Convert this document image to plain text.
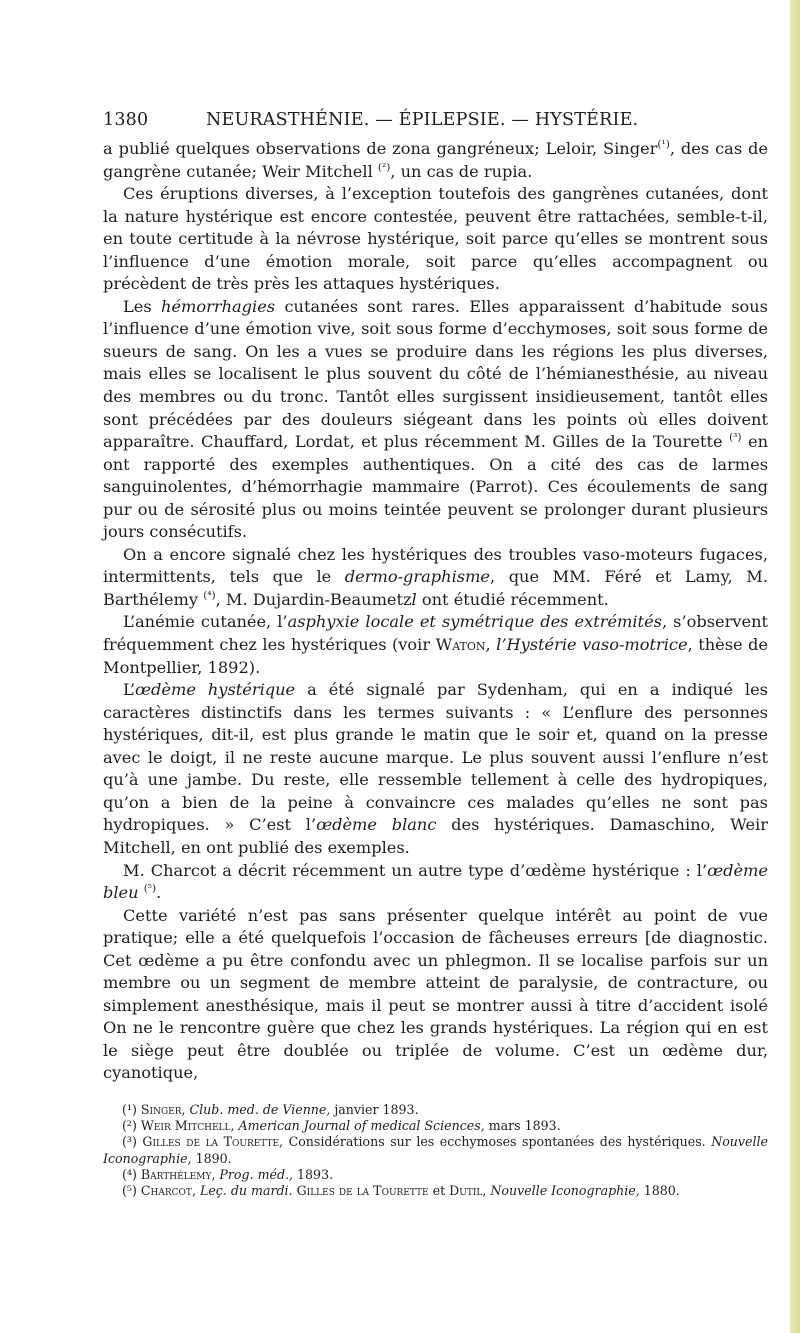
1380	NEURASTHÉNIE. — ÉPILEPSIE. — HYSTÉRIE.

a publié quelques observations de zona gangréneux; Leloir, Singer$^{(^1)}$, des cas de gangrène cutanée; Weir Mitchell $^{(^2)}$, un cas de rupia.

Ces éruptions diverses, à l’exception toutefois des gangrènes cutanées, dont la nature hystérique est encore contestée, peuvent être rattachées, semble-t-il, en toute certitude à la névrose hystérique, soit parce qu’elles se montrent sous l’influence d’une émotion morale, soit parce qu’elles accompagnent ou précèdent de très près les attaques hystériques.

Les hémorrhagies cutanées sont rares. Elles apparaissent d’habitude sous l’influence d’une émotion vive, soit sous forme d’ecchymoses, soit sous forme de sueurs de sang. On les a vues se produire dans les régions les plus diverses, mais elles se localisent le plus souvent du côté de l’hémianesthésie, au niveau des membres ou du tronc. Tantôt elles surgissent insidieusement, tantôt elles sont précédées par des douleurs siégeant dans les points où elles doivent apparaître. Chauffard, Lordat, et plus récemment M. Gilles de la Tourette $^{(^3)}$ en ont rapporté des exemples authentiques. On a cité des cas de larmes sanguinolentes, d’hémorrhagie mammaire (Parrot). Ces écoulements de sang pur ou de sérosité plus ou moins teintée peuvent se prolonger durant plusieurs jours consécutifs.

On a encore signalé chez les hystériques des troubles vaso-moteurs fugaces, intermittents, tels que le dermo-graphisme, que MM. Féré et Lamy, M. Barthélemy $^{(^4)}$, M. Dujardin-Beaumetzl ont étudié récemment.

L’anémie cutanée, l’asphyxie locale et symétrique des extrémités, s’observent fréquemment chez les hystériques (voir Waton, l’Hystérie vaso-motrice, thèse de Montpellier, 1892).

L’œdème hystérique a été signalé par Sydenham, qui en a indiqué les caractères distinctifs dans les termes suivants : « L’enflure des personnes hystériques, dit-il, est plus grande le matin que le soir et, quand on la presse avec le doigt, il ne reste aucune marque. Le plus souvent aussi l’enflure n’est qu’à une jambe. Du reste, elle ressemble tellement à celle des hydropiques, qu’on a bien de la peine à convaincre ces malades qu’elles ne sont pas hydropiques. » C’est l’œdème blanc des hystériques. Damaschino, Weir Mitchell, en ont publié des exemples.

M. Charcot a décrit récemment un autre type d’œdème hystérique : l’œdème bleu $^{(^5)}$.

Cette variété n’est pas sans présenter quelque intérêt au point de vue pratique; elle a été quelquefois l’occasion de fâcheuses erreurs [de diagnostic. Cet œdème a pu être confondu avec un phlegmon. Il se localise parfois sur un membre ou un segment de membre atteint de paralysie, de contracture, ou simplement anesthésique, mais il peut se montrer aussi à titre d’accident isolé On ne le rencontre guère que chez les grands hystériques. La région qui en est le siège peut être doublée ou triplée de volume. C’est un œdème dur, cyanotique,

(¹) Singer, Club. med. de Vienne, janvier 1893.

(²) Weir Mitchell, American Journal of medical Sciences, mars 1893.

(³) Gilles de la Tourette, Considérations sur les ecchymoses spontanées des hystériques. Nouvelle Iconographie, 1890.

(⁴) Barthélemy, Prog. méd., 1893.

(⁵) Charcot, Leç. du mardi. Gilles de la Tourette et Dutil, Nouvelle Iconographie, 1880.
